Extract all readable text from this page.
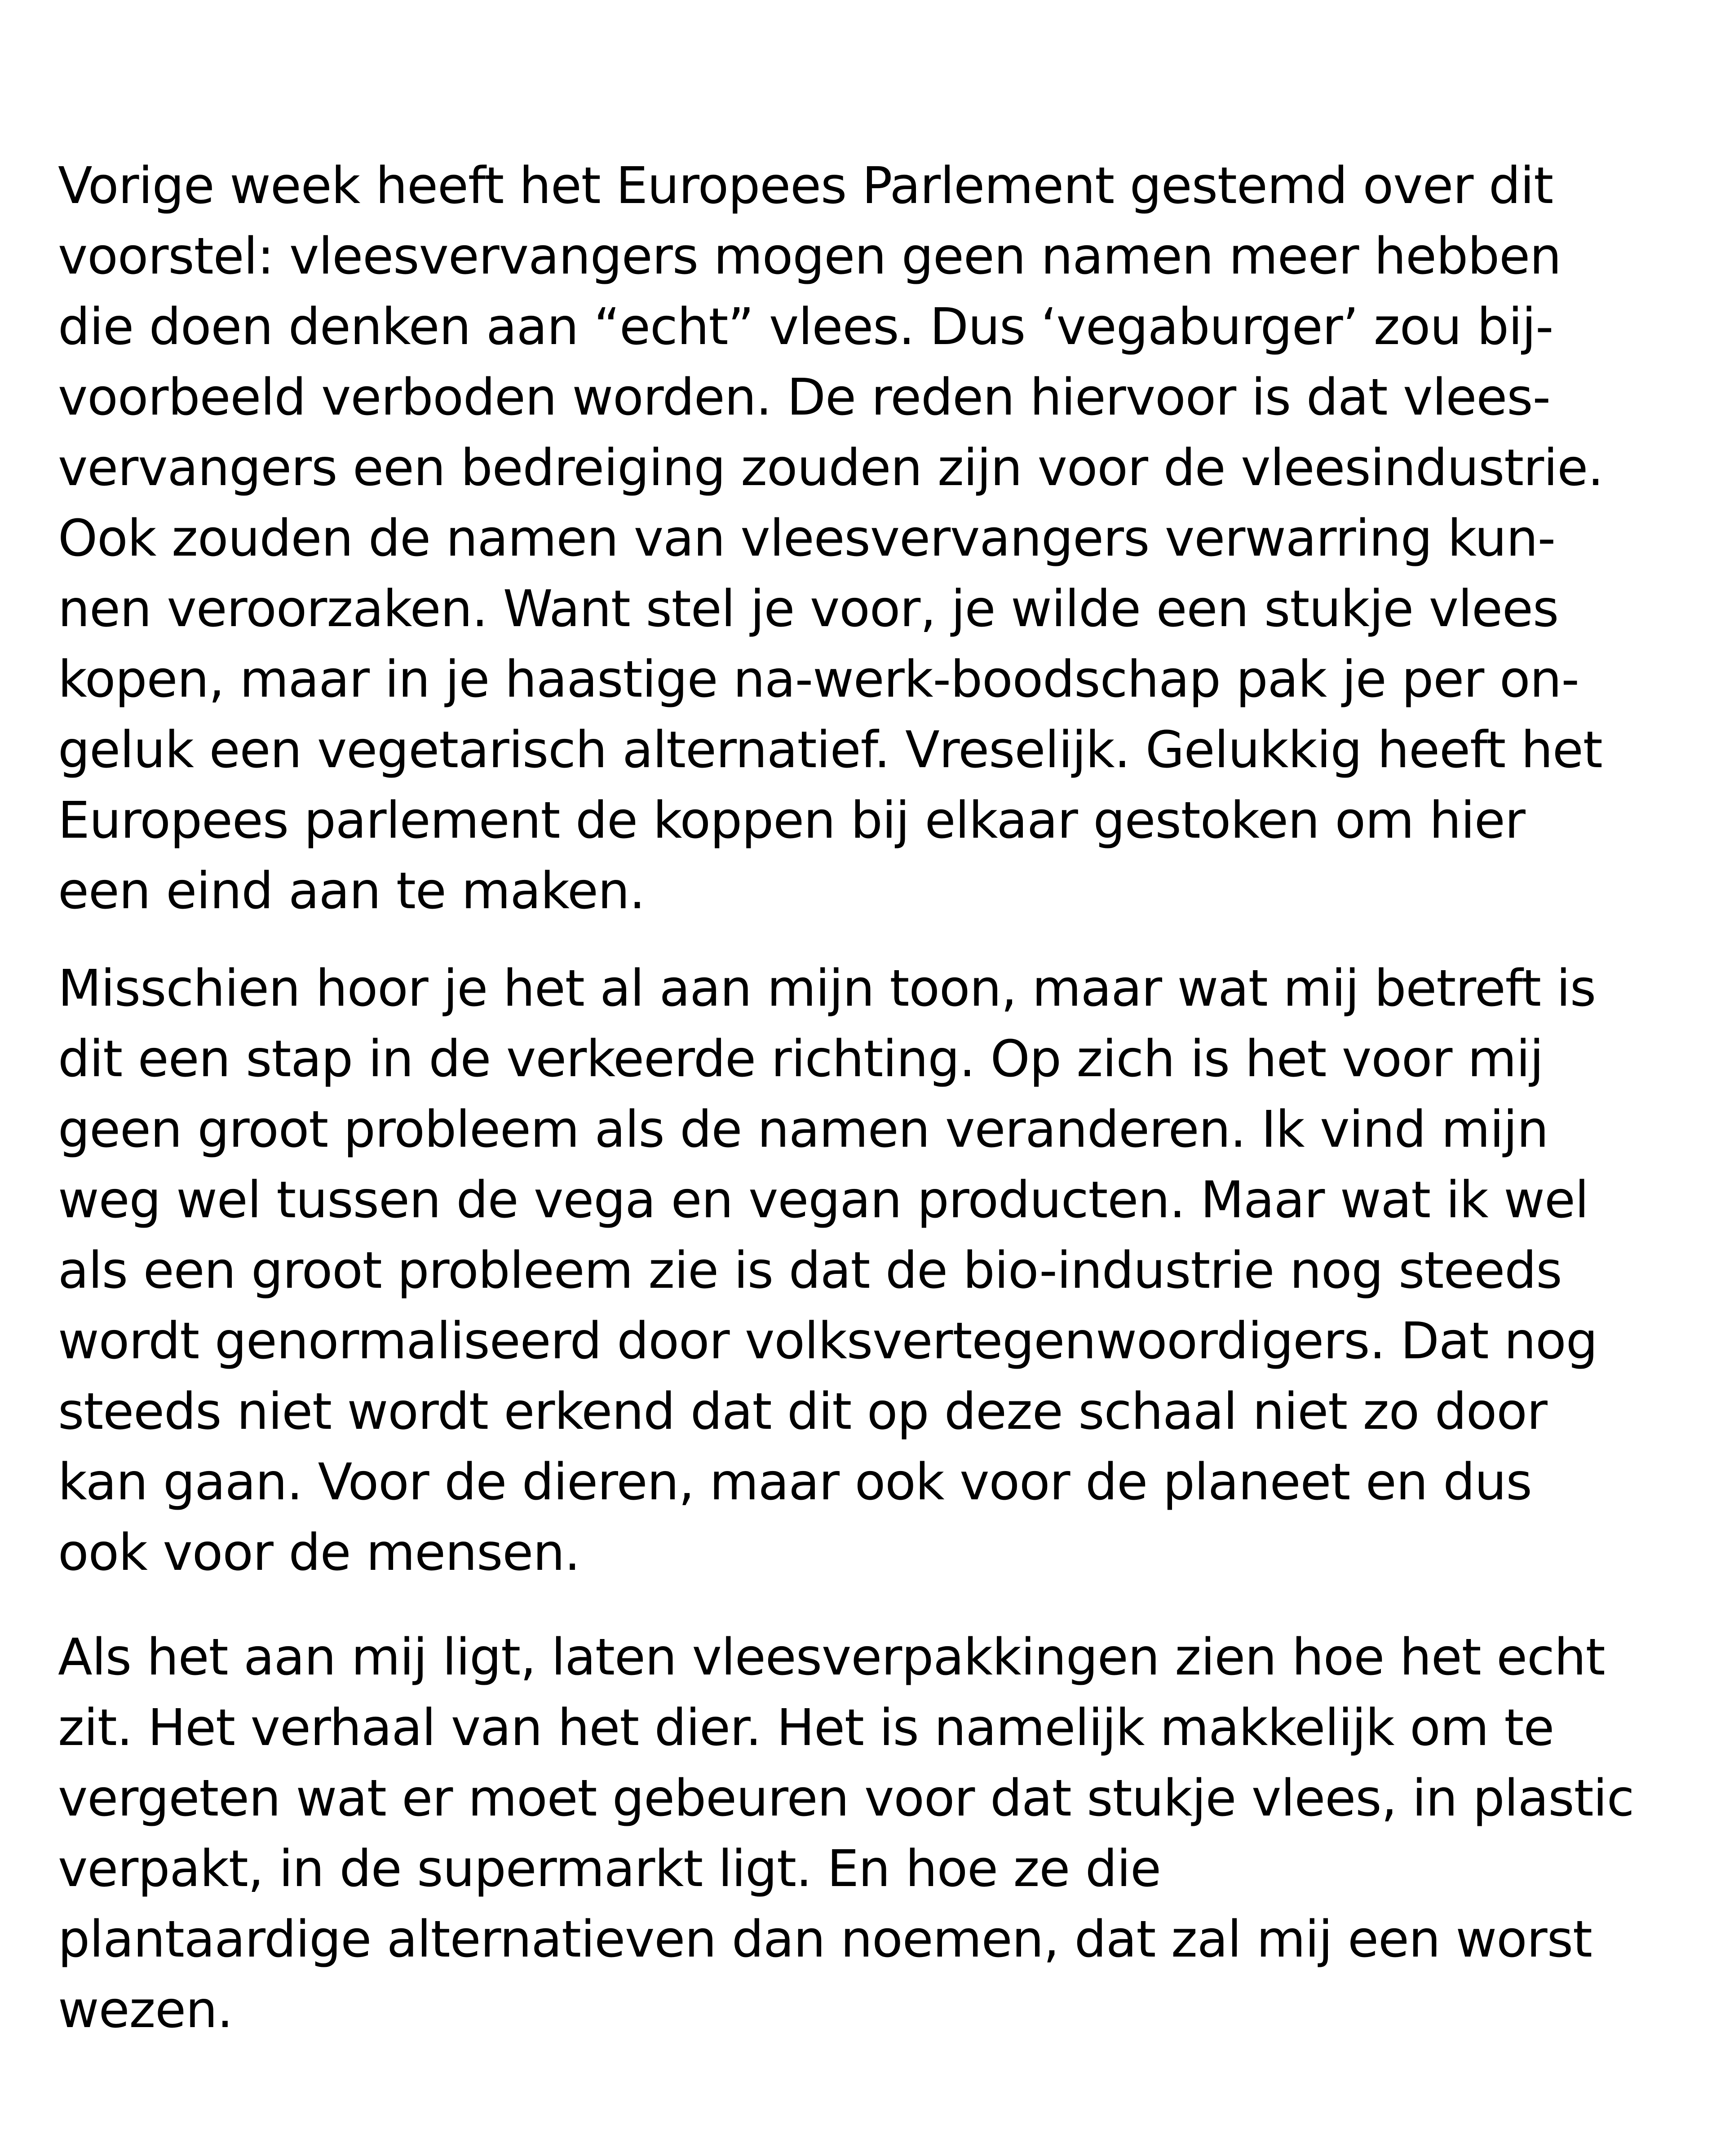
Vorige week heeft het Europees Parlement gestemd over dit
voorstel: vleesvervangers mogen geen namen meer hebben
die doen denken aan “echt” vlees. Dus ‘vegaburger’ zou bij-
voorbeeld verboden worden. De reden hiervoor is dat vlees-
vervangers een bedreiging zouden zijn voor de vleesindustrie.
Ook zouden de namen van vleesvervangers verwarring kun-
nen veroorzaken. Want stel je voor, je wilde een stukje vlees
kopen, maar in je haastige na-werk-boodschap pak je per on-
geluk een vegetarisch alternatief. Vreselijk. Gelukkig heeft het
Europees parlement de koppen bij elkaar gestoken om hier
een eind aan te maken.
Misschien hoor je het al aan mijn toon, maar wat mij betreft is
dit een stap in de verkeerde richting. Op zich is het voor mij
geen groot probleem als de namen veranderen. Ik vind mijn
weg wel tussen de vega en vegan producten. Maar wat ik wel
als een groot probleem zie is dat de bio-industrie nog steeds
wordt genormaliseerd door volksvertegenwoordigers. Dat nog
steeds niet wordt erkend dat dit op deze schaal niet zo door
kan gaan. Voor de dieren, maar ook voor de planeet en dus
ook voor de mensen.
Als het aan mij ligt, laten vleesverpakkingen zien hoe het echt
zit. Het verhaal van het dier. Het is namelijk makkelijk om te
vergeten wat er moet gebeuren voor dat stukje vlees, in plastic
verpakt, in de supermarkt ligt. En hoe ze die
plantaardige alternatieven dan noemen, dat zal mij een worst
wezen.
